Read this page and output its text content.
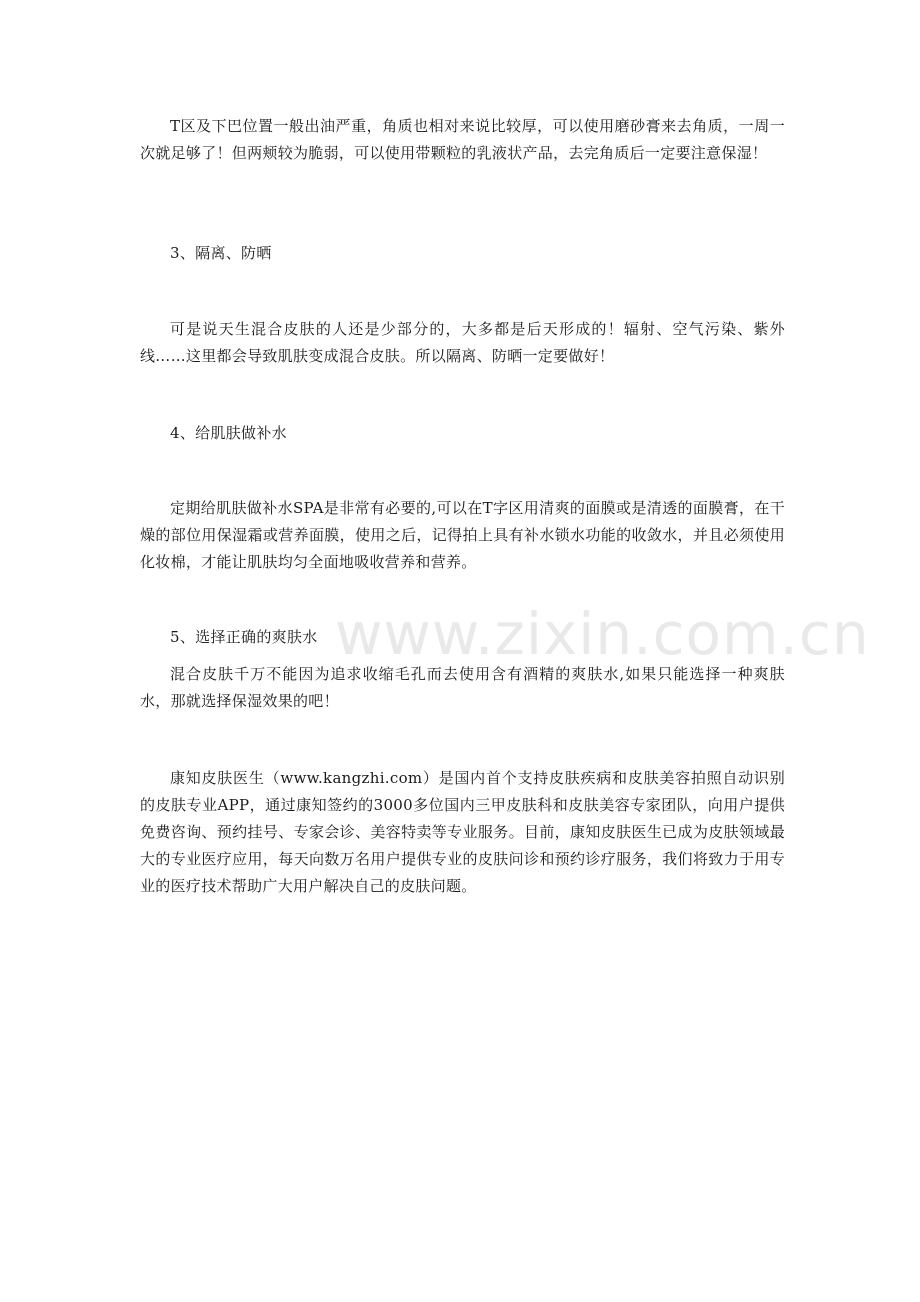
T区及下巴位置一般出油严重，角质也相对来说比较厚，可以使用磨砂膏来去角质，一周一次就足够了！但两颊较为脆弱，可以使用带颗粒的乳液状产品，去完角质后一定要注意保湿！

3、隔离、防晒

可是说天生混合皮肤的人还是少部分的，大多都是后天形成的！辐射、空气污染、紫外线……这里都会导致肌肤变成混合皮肤。所以隔离、防晒一定要做好！

4、给肌肤做补水

定期给肌肤做补水SPA是非常有必要的,可以在T字区用清爽的面膜或是清透的面膜膏，在干燥的部位用保湿霜或营养面膜，使用之后，记得拍上具有补水锁水功能的收敛水，并且必须使用化妆棉，才能让肌肤均匀全面地吸收营养和营养。

www.zixin.com.cn

5、选择正确的爽肤水

混合皮肤千万不能因为追求收缩毛孔而去使用含有酒精的爽肤水,如果只能选择一种爽肤水，那就选择保湿效果的吧！

康知皮肤医生（www.kangzhi.com）是国内首个支持皮肤疾病和皮肤美容拍照自动识别的皮肤专业APP，通过康知签约的3000多位国内三甲皮肤科和皮肤美容专家团队，向用户提供免费咨询、预约挂号、专家会诊、美容特卖等专业服务。目前，康知皮肤医生已成为皮肤领域最大的专业医疗应用，每天向数万名用户提供专业的皮肤问诊和预约诊疗服务，我们将致力于用专业的医疗技术帮助广大用户解决自己的皮肤问题。
